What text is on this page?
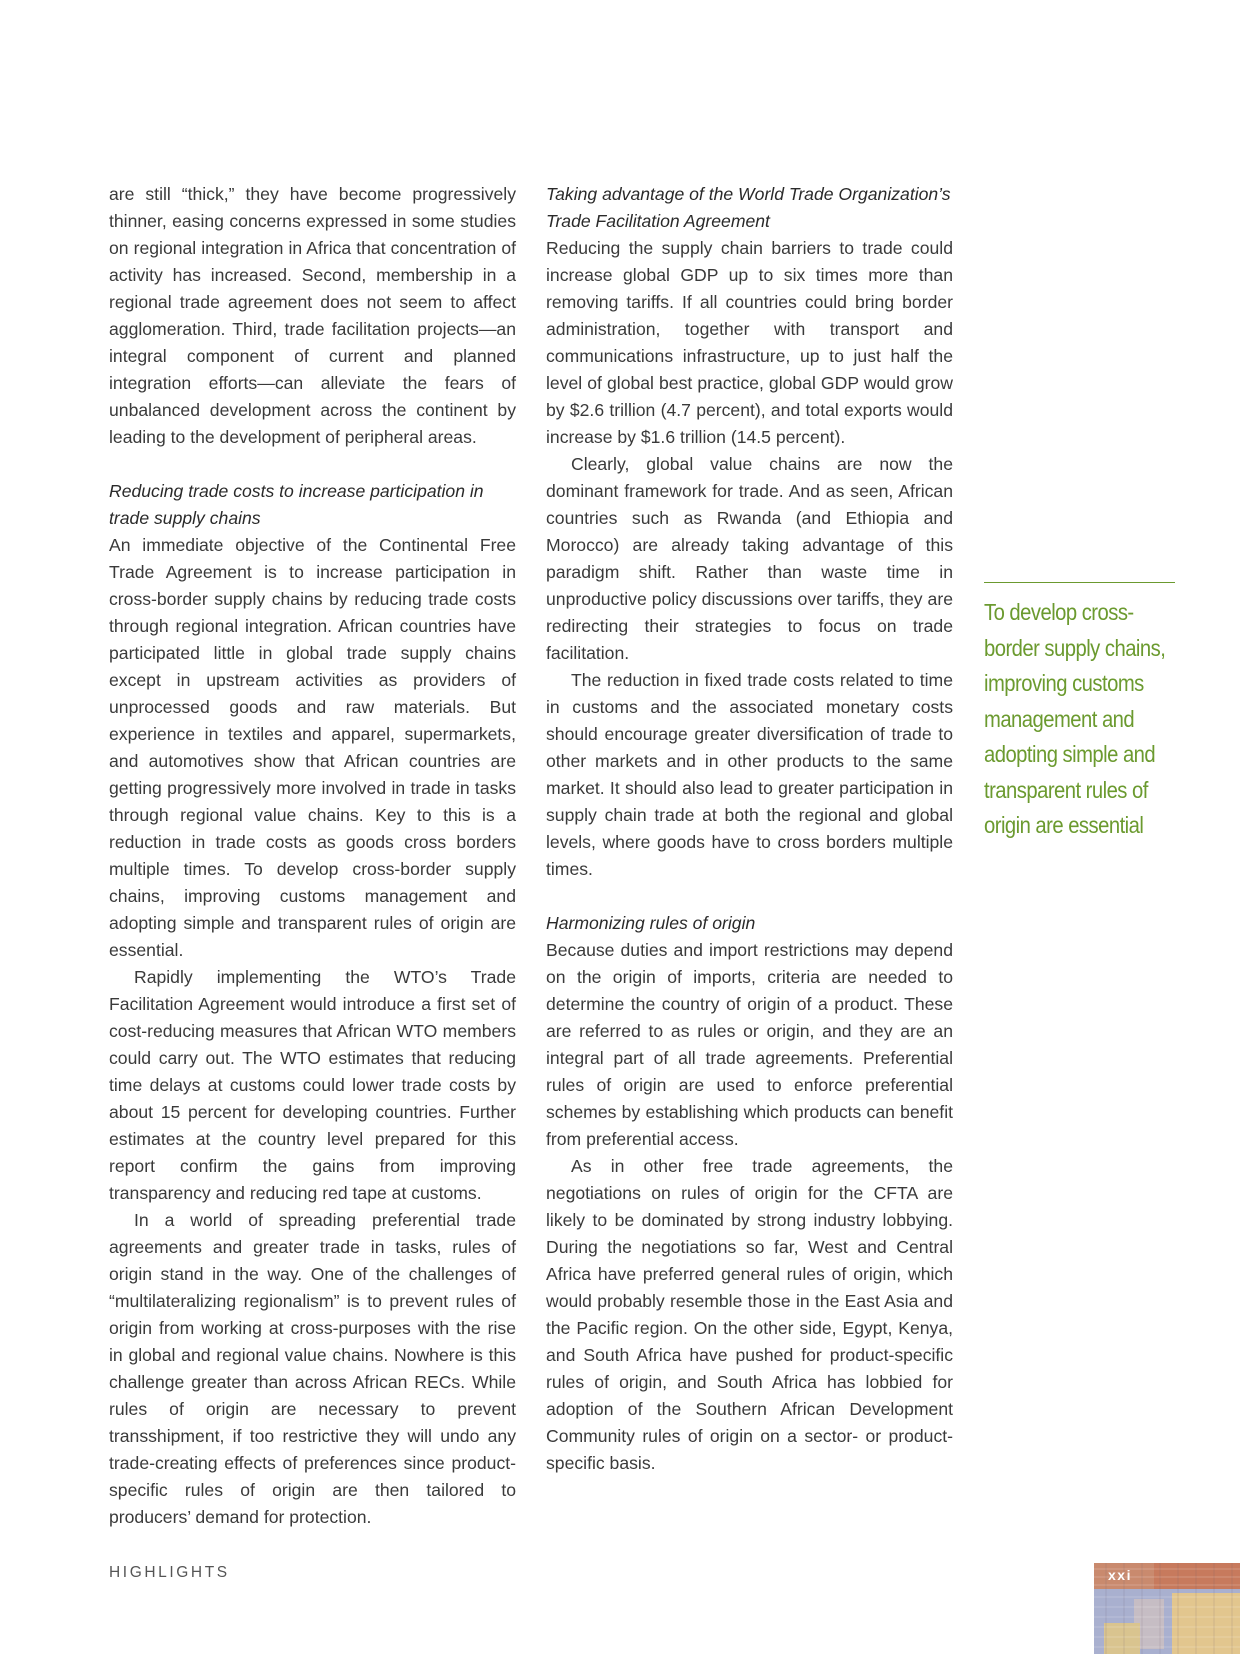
are still “thick,” they have become progressively thinner, easing concerns expressed in some studies on regional integration in Africa that concentration of activity has increased. Second, membership in a regional trade agreement does not seem to affect agglomeration. Third, trade facilitation projects—an integral component of current and planned integration efforts—can alleviate the fears of unbalanced development across the continent by leading to the development of peripheral areas.

Reducing trade costs to increase participation in trade supply chains

An immediate objective of the Continental Free Trade Agreement is to increase participation in cross-border supply chains by reducing trade costs through regional integration. African countries have participated little in global trade supply chains except in upstream activities as providers of unprocessed goods and raw materials. But experience in textiles and apparel, supermarkets, and automotives show that African countries are getting progressively more involved in trade in tasks through regional value chains. Key to this is a reduction in trade costs as goods cross borders multiple times. To develop cross-border supply chains, improving customs management and adopting simple and transparent rules of origin are essential.

Rapidly implementing the WTO’s Trade Facilitation Agreement would introduce a first set of cost-reducing measures that African WTO members could carry out. The WTO estimates that reducing time delays at customs could lower trade costs by about 15 percent for developing countries. Further estimates at the country level prepared for this report confirm the gains from improving transparency and reducing red tape at customs.

In a world of spreading preferential trade agreements and greater trade in tasks, rules of origin stand in the way. One of the challenges of “multilateralizing regionalism” is to prevent rules of origin from working at cross-purposes with the rise in global and regional value chains. Nowhere is this challenge greater than across African RECs. While rules of origin are necessary to prevent transshipment, if too restrictive they will undo any trade-creating effects of preferences since product-specific rules of origin are then tailored to producers’ demand for protection.

Taking advantage of the World Trade Organization’s Trade Facilitation Agreement

Reducing the supply chain barriers to trade could increase global GDP up to six times more than removing tariffs. If all countries could bring border administration, together with transport and communications infrastructure, up to just half the level of global best practice, global GDP would grow by $2.6 trillion (4.7 percent), and total exports would increase by $1.6 trillion (14.5 percent).

Clearly, global value chains are now the dominant framework for trade. And as seen, African countries such as Rwanda (and Ethiopia and Morocco) are already taking advantage of this paradigm shift. Rather than waste time in unproductive policy discussions over tariffs, they are redirecting their strategies to focus on trade facilitation.

The reduction in fixed trade costs related to time in customs and the associated monetary costs should encourage greater diversification of trade to other markets and in other products to the same market. It should also lead to greater participation in supply chain trade at both the regional and global levels, where goods have to cross borders multiple times.

Harmonizing rules of origin

Because duties and import restrictions may depend on the origin of imports, criteria are needed to determine the country of origin of a product. These are referred to as rules or origin, and they are an integral part of all trade agreements. Preferential rules of origin are used to enforce preferential schemes by establishing which products can benefit from preferential access.

As in other free trade agreements, the negotiations on rules of origin for the CFTA are likely to be dominated by strong industry lobbying. During the negotiations so far, West and Central Africa have preferred general rules of origin, which would probably resemble those in the East Asia and the Pacific region. On the other side, Egypt, Kenya, and South Africa have pushed for product-specific rules of origin, and South Africa has lobbied for adoption of the Southern African Development Community rules of origin on a sector- or product-specific basis.

To develop cross-border supply chains, improving customs management and adopting simple and transparent rules of origin are essential
HIGHLIGHTS	xxi
